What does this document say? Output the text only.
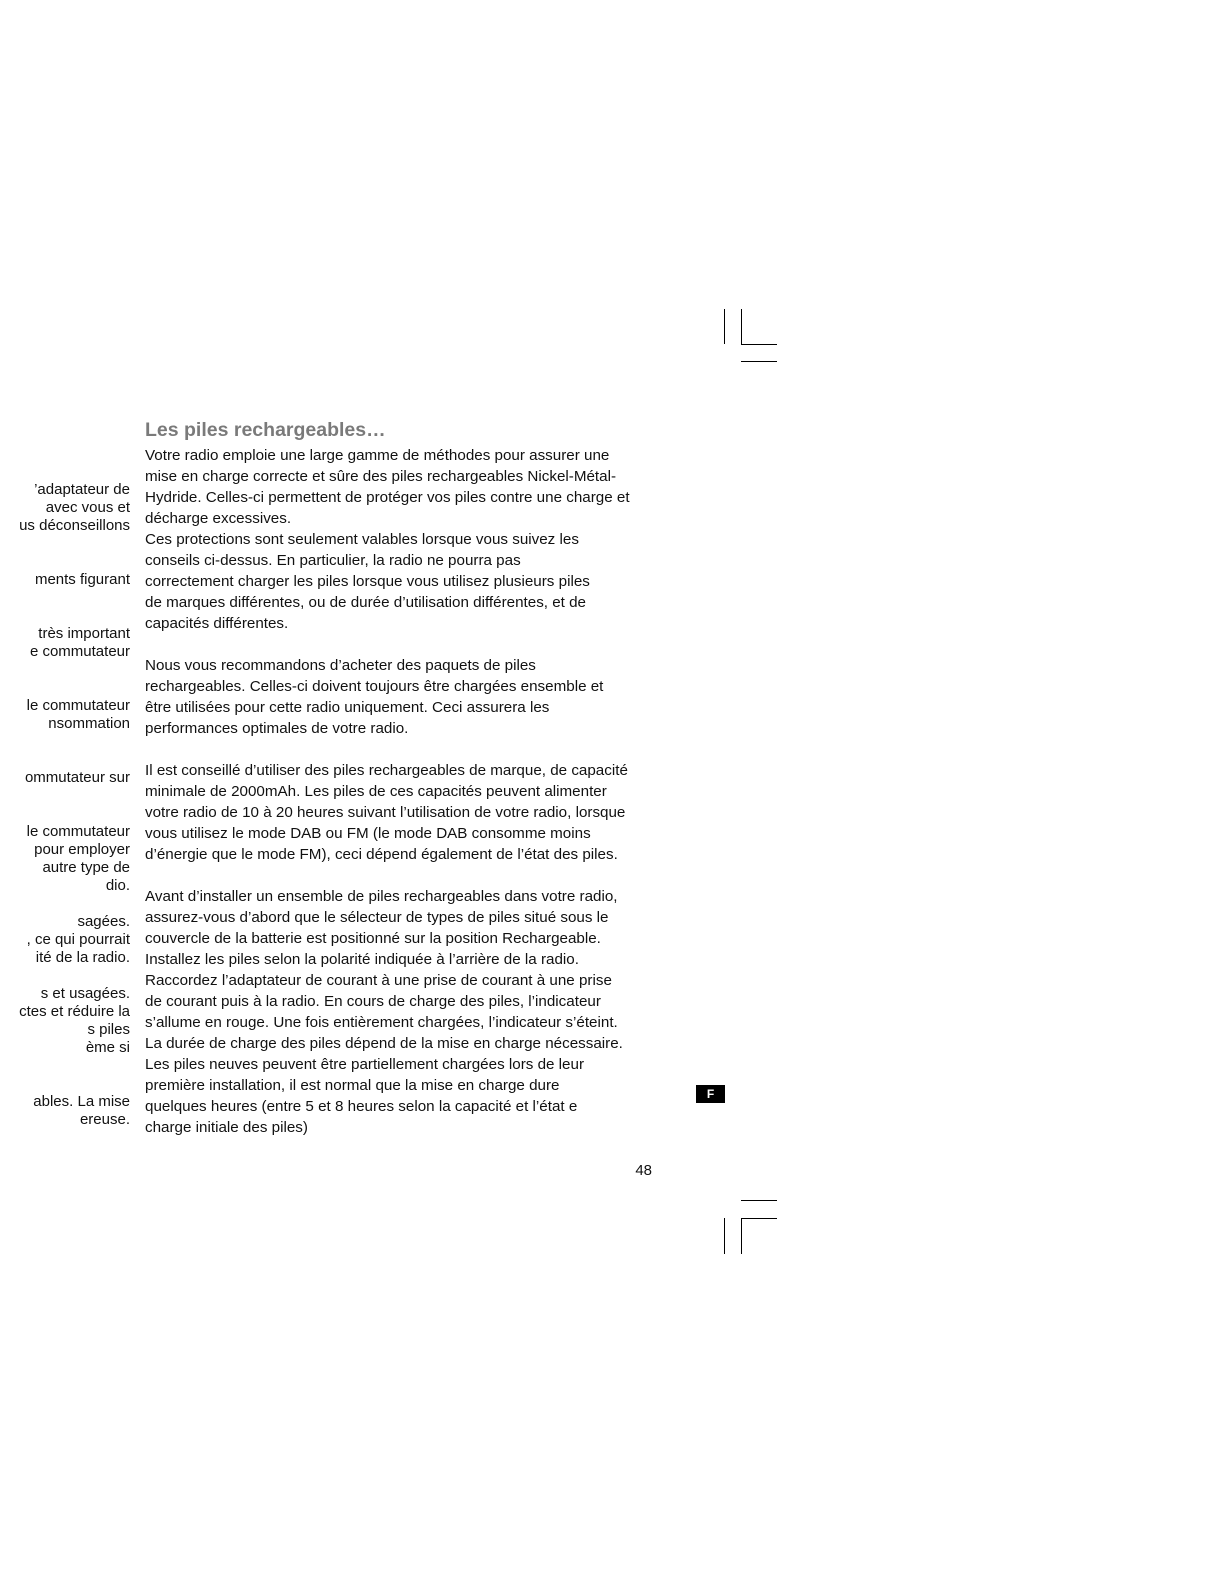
’adaptateur de
avec vous et
us déconseillons
ments figurant
très important
e commutateur
le commutateur
nsommation
ommutateur sur
le commutateur
pour employer
autre type de
dio.
sagées.
, ce qui pourrait
ité de la radio.
s et usagées.
ctes et réduire la
s piles
ème si
ables. La mise
ereuse.
Les piles rechargeables…
Votre radio emploie une large gamme de méthodes pour assurer une
mise en charge correcte et sûre des piles rechargeables Nickel-Métal-
Hydride. Celles-ci permettent de protéger vos piles contre une charge et
décharge excessives.
Ces protections sont seulement valables lorsque vous suivez les
conseils ci-dessus. En particulier, la radio ne pourra pas
correctement charger les piles lorsque vous utilisez plusieurs piles
de marques différentes, ou de durée d’utilisation différentes, et de
capacités différentes.
Nous vous recommandons d’acheter des paquets de piles
rechargeables. Celles-ci doivent toujours être chargées ensemble et
être utilisées pour cette radio uniquement. Ceci assurera les
performances optimales de votre radio.
Il est conseillé d’utiliser des piles rechargeables de marque, de capacité
minimale de 2000mAh. Les piles de ces capacités peuvent alimenter
votre radio de 10 à 20 heures suivant l’utilisation de votre radio, lorsque
vous utilisez le mode DAB ou FM (le mode DAB consomme moins
d’énergie que le mode FM), ceci dépend également de l’état des piles.
Avant d’installer un ensemble de piles rechargeables dans votre radio,
assurez-vous d’abord que le sélecteur de types de piles situé sous le
couvercle de la batterie est positionné sur la position Rechargeable.
Installez les piles selon la polarité indiquée à l’arrière de la radio.
Raccordez l’adaptateur de courant à une prise de courant à une prise
de courant puis à la radio. En cours de charge des piles, l’indicateur
s’allume en rouge. Une fois entièrement chargées, l’indicateur s’éteint.
La durée de charge des piles dépend de la mise en charge nécessaire.
Les piles neuves peuvent être partiellement chargées lors de leur
première installation, il est normal que la mise en charge dure
quelques heures (entre 5 et 8 heures selon la capacité et l’état e
charge initiale des piles)
48
F
